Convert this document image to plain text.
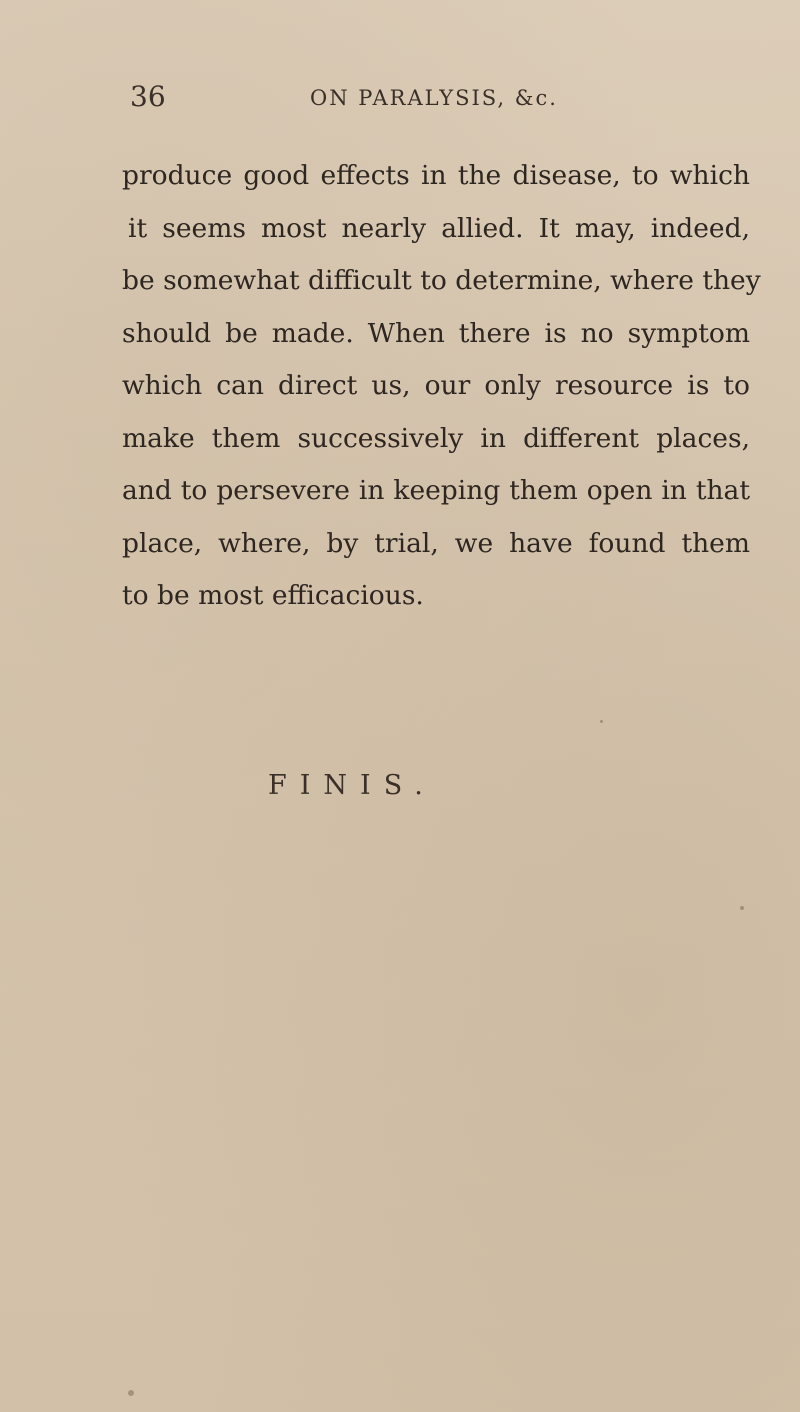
36	ON PARALYSIS, &c.
produce good effects in the disease, to which
it seems most nearly allied. It may, indeed,
be somewhat difficult to determine, where they
should be made. When there is no symptom
which can direct us, our only resource is to
make them successively in different places,
and to persevere in keeping them open in that
place, where, by trial, we have found them
to be most efficacious.
FINIS.
